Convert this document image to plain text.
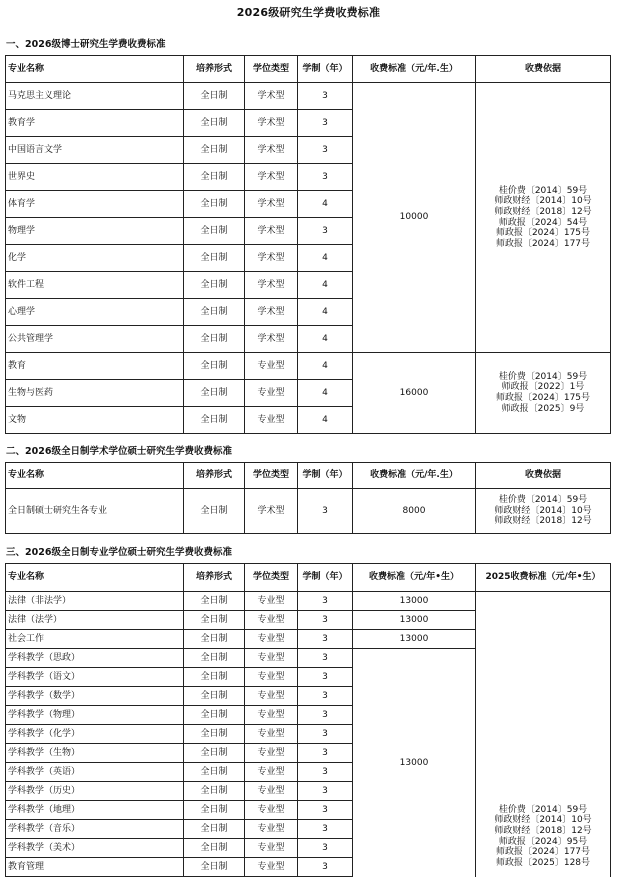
2026级研究生学费收费标准
一、2026级博士研究生学费收费标准
专业名称	培养形式	学位类型	学制（年）	收费标准（元/年.生）	收费依据
马克思主义理论	全日制	学术型	3	10000	
桂价费〔2014〕59号
师政财经〔2014〕10号
师政财经〔2018〕12号
师政报〔2024〕54号
师政报〔2024〕175号
师政报〔2024〕177号

教育学	全日制	学术型	3		
中国语言文学	全日制	学术型	3		
世界史	全日制	学术型	3		
体育学	全日制	学术型	4		
物理学	全日制	学术型	3		
化学	全日制	学术型	4		
软件工程	全日制	学术型	4		
心理学	全日制	学术型	4		
公共管理学	全日制	学术型	4		
教育	全日制	专业型	4	16000	桂价费〔2014〕59号
师政报〔2022〕1号
师政报〔2024〕175号
师政报〔2025〕9号

生物与医药	全日制	专业型	4		
文物	全日制	专业型	4		
二、2026级全日制学术学位硕士研究生学费收费标准
专业名称	培养形式	学位类型	学制（年）	收费标准（元/年.生）	收费依据
全日制硕士研究生各专业	全日制	学术型	3	8000	桂价费〔2014〕59号
师政财经〔2014〕10号
师政财经〔2018〕12号
三、2026级全日制专业学位硕士研究生学费收费标准
专业名称	培养形式	学位类型	学制（年）	收费标准（元/年•生）	2025收费标准（元/年•生）
法律（非法学）	全日制	专业型	3	13000	
桂价费〔2014〕59号
师政财经〔2014〕10号
师政财经〔2018〕12号
师政报〔2024〕95号
师政报〔2024〕177号
师政报〔2025〕128号

法律（法学）	全日制	专业型	3	13000	
社会工作	全日制	专业型	3	13000	
学科教学（思政）	全日制	专业型	3	13000	
学科教学（语文）	全日制	专业型	3		
学科教学（数学）	全日制	专业型	3		
学科教学（物理）	全日制	专业型	3		
学科教学（化学）	全日制	专业型	3		
学科教学（生物）	全日制	专业型	3		
学科教学（英语）	全日制	专业型	3		
学科教学（历史）	全日制	专业型	3		
学科教学（地理）	全日制	专业型	3		
学科教学（音乐）	全日制	专业型	3		
学科教学（美术）	全日制	专业型	3		
教育管理	全日制	专业型	3		
